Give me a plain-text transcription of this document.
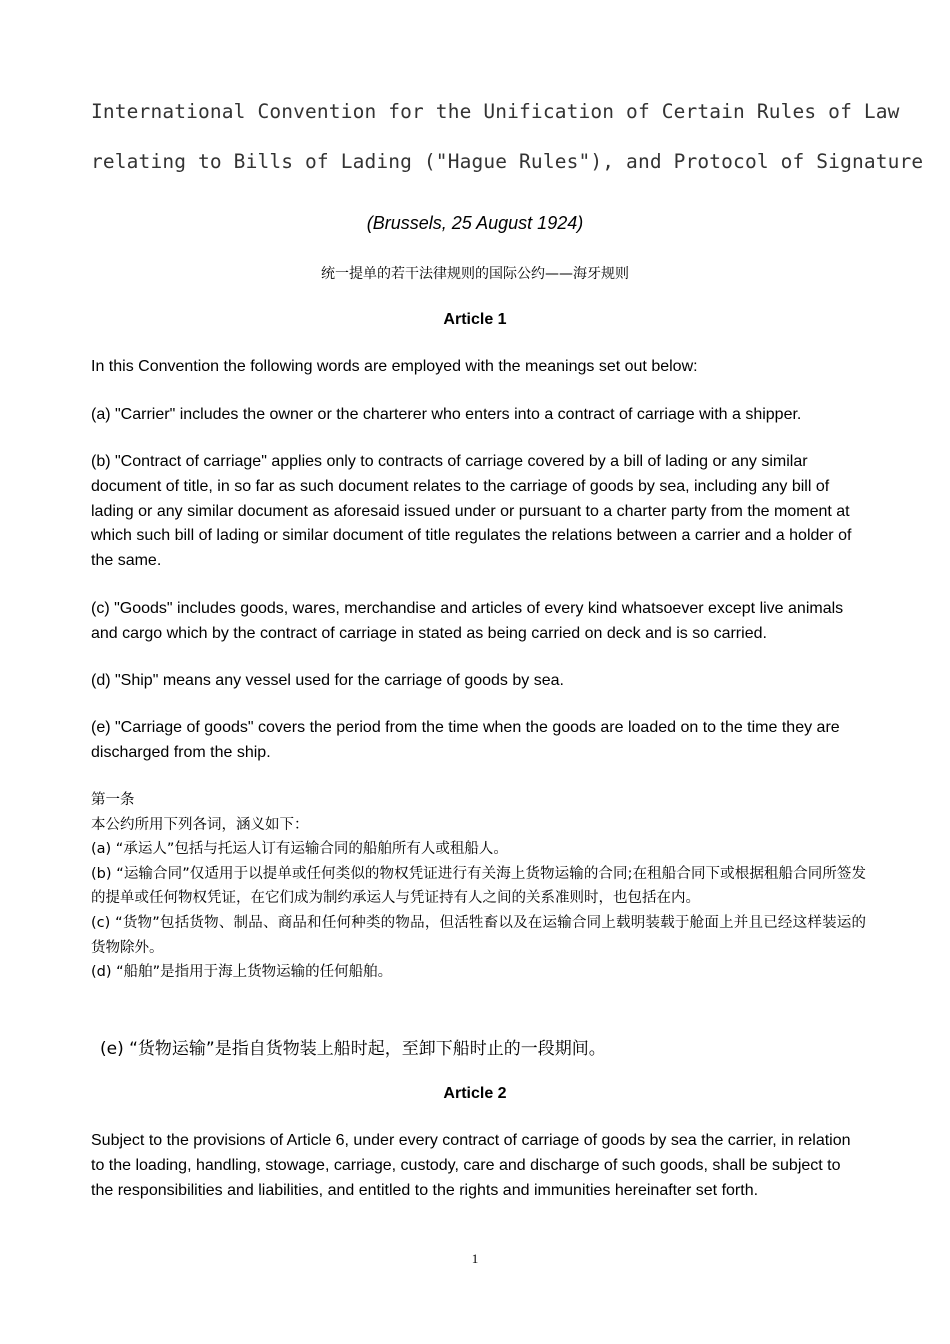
International Convention for the Unification of Certain Rules of Law
relating to Bills of Lading ("Hague Rules"), and Protocol of Signature
(Brussels, 25 August 1924)
统一提单的若干法律规则的国际公约——海牙规则
Article 1

In this Convention the following words are employed with the meanings set out below:

(a) "Carrier" includes the owner or the charterer who enters into a contract of carriage with a shipper.

(b) "Contract of carriage" applies only to contracts of carriage covered by a bill of lading or any similar document of title, in so far as such document relates to the carriage of goods by sea, including any bill of lading or any similar document as aforesaid issued under or pursuant to a charter party from the moment at which such bill of lading or similar document of title regulates the relations between a carrier and a holder of the same.

(c) "Goods" includes goods, wares, merchandise and articles of every kind whatsoever except live animals and cargo which by the contract of carriage in stated as being carried on deck and is so carried.

(d) "Ship" means any vessel used for the carriage of goods by sea.

(e) "Carriage of goods" covers the period from the time when the goods are loaded on to the time they are discharged from the ship.

第一条
本公约所用下列各词，涵义如下：
(a) “承运人”包括与托运人订有运输合同的船舶所有人或租船人。
(b) “运输合同”仅适用于以提单或任何类似的物权凭证进行有关海上货物运输的合同;在租船合同下或根据租船合同所签发的提单或任何物权凭证，在它们成为制约承运人与凭证持有人之间的关系准则时，也包括在内。
(c) “货物”包括货物、制品、商品和任何种类的物品，但活牲畜以及在运输合同上载明装载于舱面上并且已经这样装运的货物除外。
(d) “船舶”是指用于海上货物运输的任何船舶。
(e) “货物运输”是指自货物装上船时起，至卸下船时止的一段期间。
Article 2

Subject to the provisions of Article 6, under every contract of carriage of goods by sea the carrier, in relation to the loading, handling, stowage, carriage, custody, care and discharge of such goods, shall be subject to the responsibilities and liabilities, and entitled to the rights and immunities hereinafter set forth.

1
